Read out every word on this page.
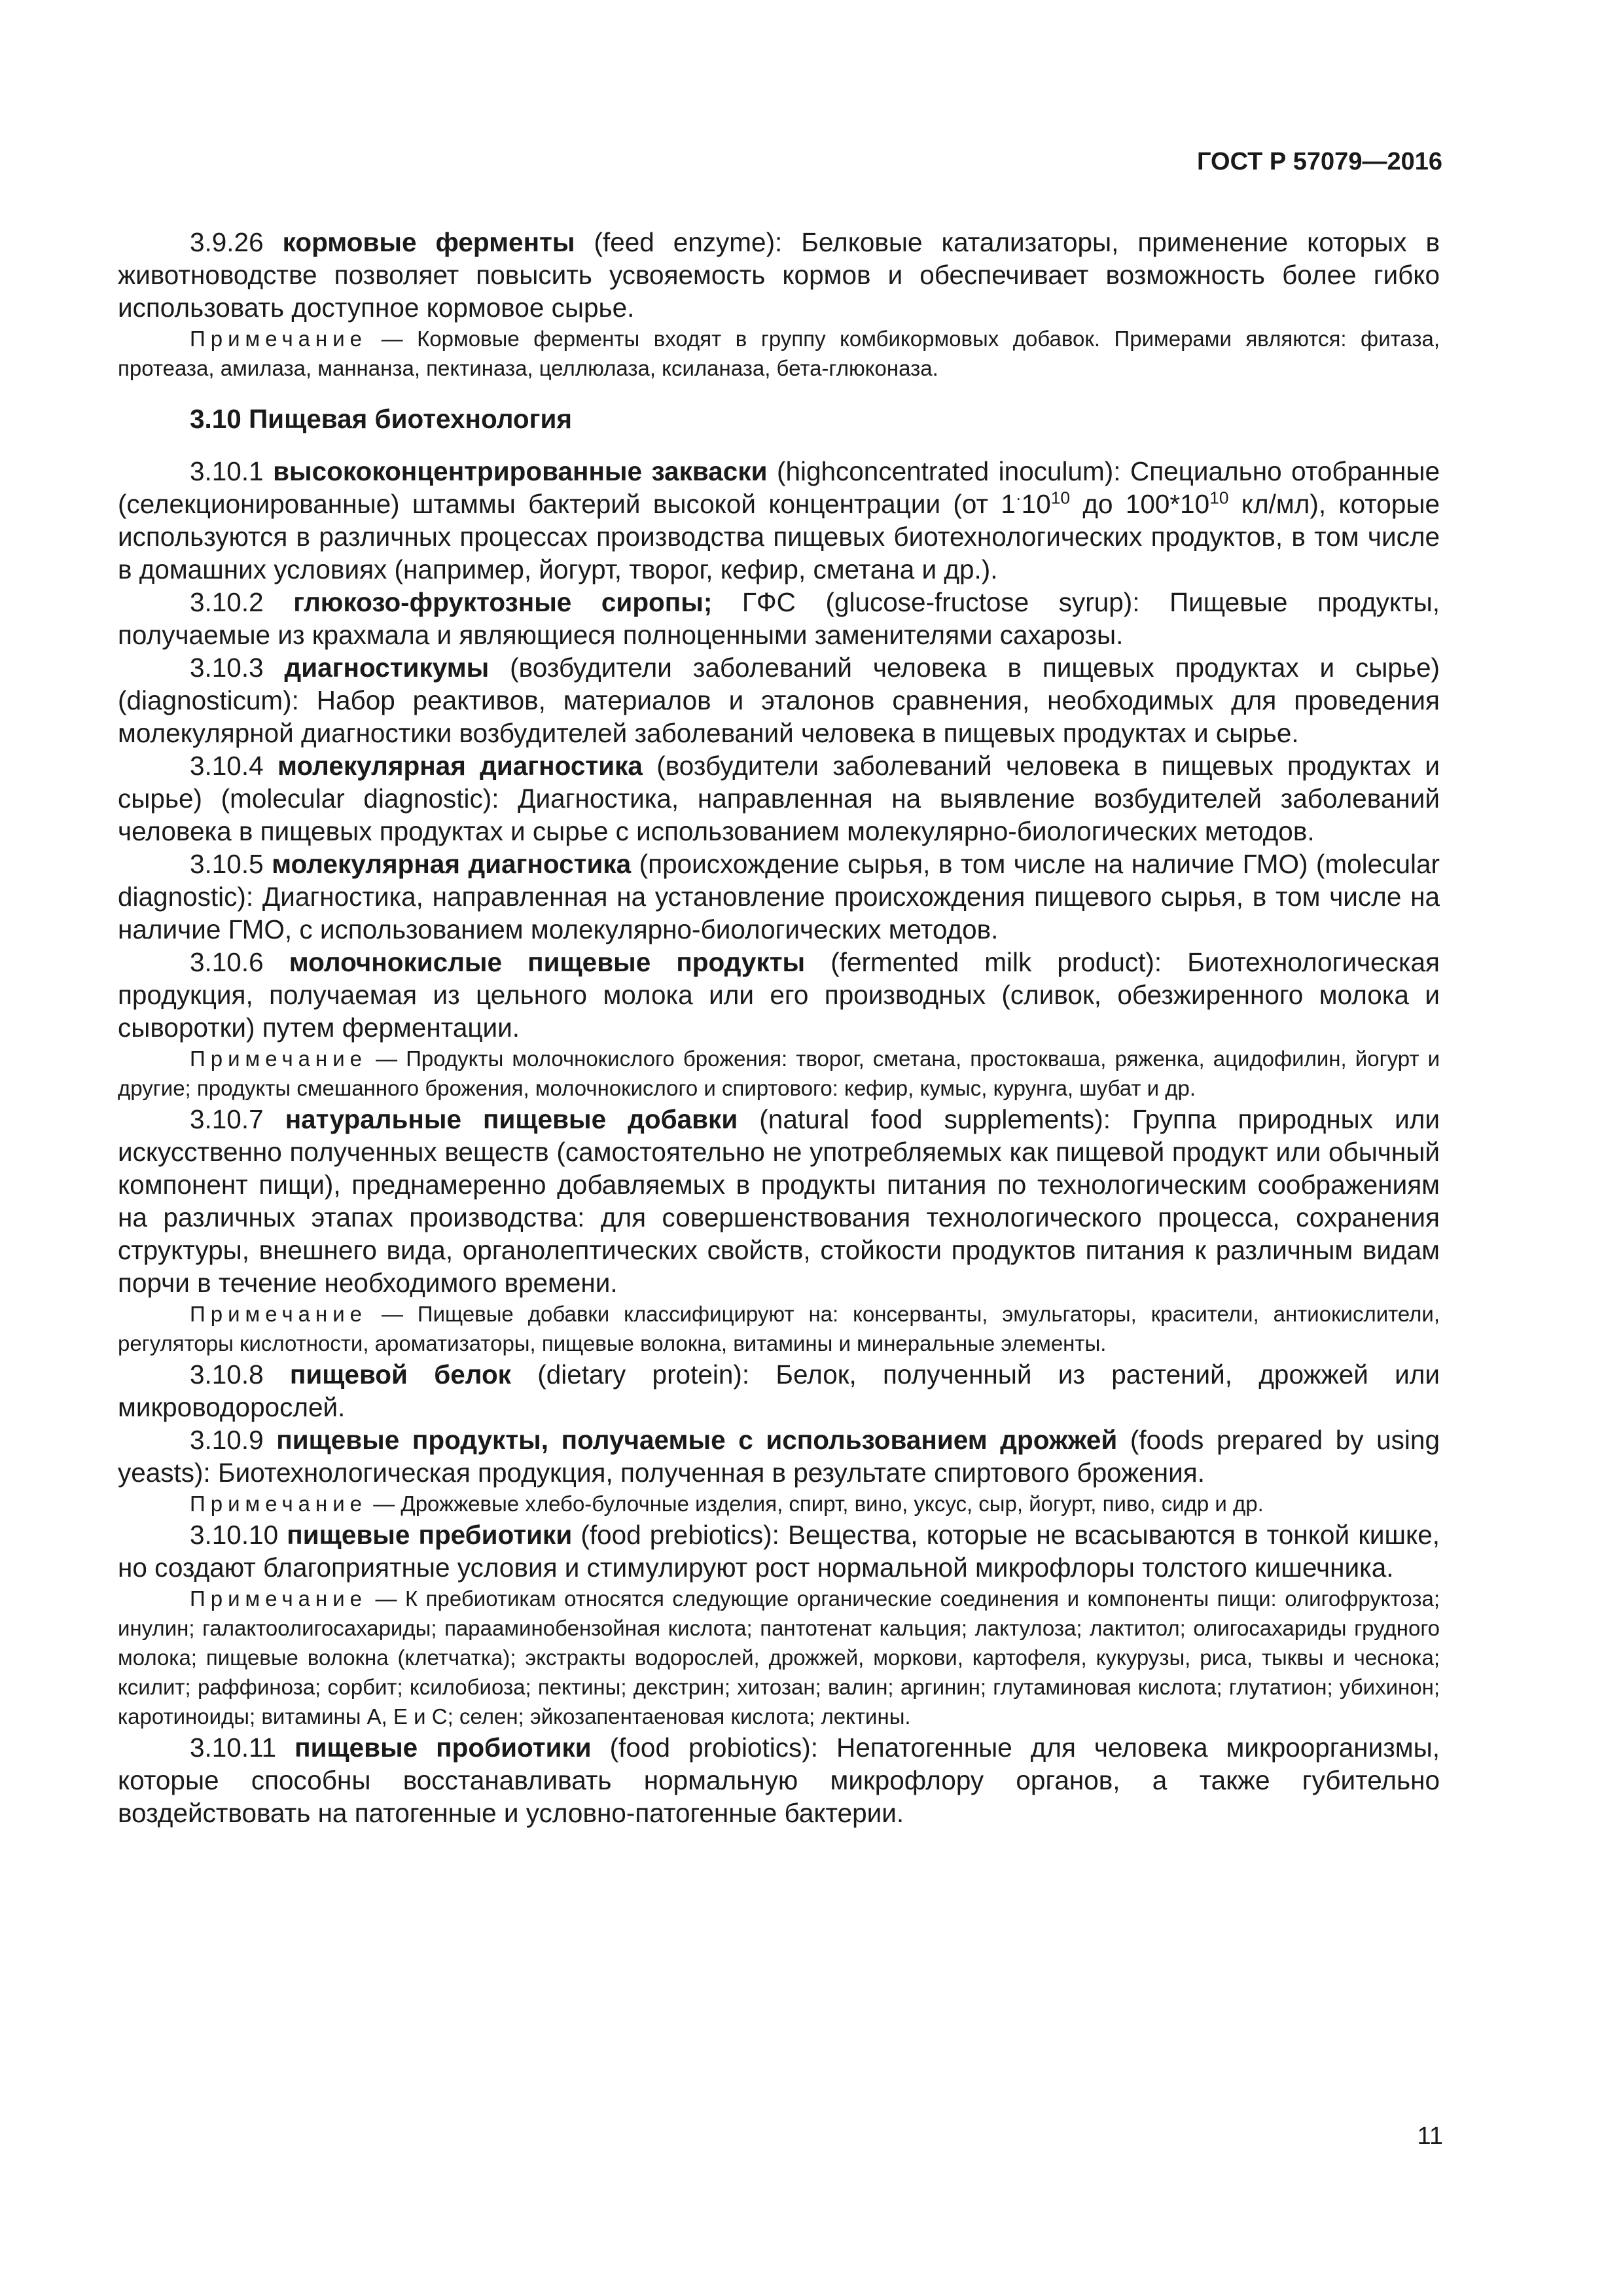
ГОСТ Р 57079—2016

3.9.26 кормовые ферменты (feed enzyme): Белковые катализаторы, применение которых в животноводстве позволяет повысить усвояемость кормов и обеспечивает возможность более гибко использовать доступное кормовое сырье.

Примечание — Кормовые ферменты входят в группу комбикормовых добавок. Примерами являются: фитаза, протеаза, амилаза, маннанза, пектиназа, целлюлаза, ксиланаза, бета-глюконаза.

3.10 Пищевая биотехнология

3.10.1 высококонцентрированные закваски (highconcentrated inoculum): Специально отобранные (селекционированные) штаммы бактерий высокой концентрации (от $1^\cdot 10^{10}$ до $100*10^{10}$ кл/мл), которые используются в различных процессах производства пищевых биотехнологических продуктов, в том числе в домашних условиях (например, йогурт, творог, кефир, сметана и др.).

3.10.2 глюкозо-фруктозные сиропы; ГФС (glucose-fructose syrup): Пищевые продукты, получаемые из крахмала и являющиеся полноценными заменителями сахарозы.

3.10.3 диагностикумы (возбудители заболеваний человека в пищевых продуктах и сырье) (diagnosticum): Набор реактивов, материалов и эталонов сравнения, необходимых для проведения молекулярной диагностики возбудителей заболеваний человека в пищевых продуктах и сырье.

3.10.4 молекулярная диагностика (возбудители заболеваний человека в пищевых продуктах и сырье) (molecular diagnostic): Диагностика, направленная на выявление возбудителей заболеваний человека в пищевых продуктах и сырье с использованием молекулярно-биологических методов.

3.10.5 молекулярная диагностика (происхождение сырья, в том числе на наличие ГМО) (molecular diagnostic): Диагностика, направленная на установление происхождения пищевого сырья, в том числе на наличие ГМО, с использованием молекулярно-биологических методов.

3.10.6 молочнокислые пищевые продукты (fermented milk product): Биотехнологическая продукция, получаемая из цельного молока или его производных (сливок, обезжиренного молока и сыворотки) путем ферментации.

Примечание — Продукты молочнокислого брожения: творог, сметана, простокваша, ряженка, ацидофилин, йогурт и другие; продукты смешанного брожения, молочнокислого и спиртового: кефир, кумыс, курунга, шубат и др.

3.10.7 натуральные пищевые добавки (natural food supplements): Группа природных или искусственно полученных веществ (самостоятельно не употребляемых как пищевой продукт или обычный компонент пищи), преднамеренно добавляемых в продукты питания по технологическим соображениям на различных этапах производства: для совершенствования технологического процесса, сохранения структуры, внешнего вида, органолептических свойств, стойкости продуктов питания к различным видам порчи в течение необходимого времени.

Примечание — Пищевые добавки классифицируют на: консерванты, эмульгаторы, красители, антиокислители, регуляторы кислотности, ароматизаторы, пищевые волокна, витамины и минеральные элементы.

3.10.8 пищевой белок (dietary protein): Белок, полученный из растений, дрожжей или микроводорослей.

3.10.9 пищевые продукты, получаемые с использованием дрожжей (foods prepared by using yeasts): Биотехнологическая продукция, полученная в результате спиртового брожения.

Примечание — Дрожжевые хлебо-булочные изделия, спирт, вино, уксус, сыр, йогурт, пиво, сидр и др.

3.10.10 пищевые пребиотики (food prebiotics): Вещества, которые не всасываются в тонкой кишке, но создают благоприятные условия и стимулируют рост нормальной микрофлоры толстого кишечника.

Примечание — К пребиотикам относятся следующие органические соединения и компоненты пищи: олигофруктоза; инулин; галактоолигосахариды; парааминобензойная кислота; пантотенат кальция; лактулоза; лактитол; олигосахариды грудного молока; пищевые волокна (клетчатка); экстракты водорослей, дрожжей, моркови, картофеля, кукурузы, риса, тыквы и чеснока; ксилит; раффиноза; сорбит; ксилобиоза; пектины; декстрин; хитозан; валин; аргинин; глутаминовая кислота; глутатион; убихинон; каротиноиды; витамины А, Е и С; селен; эйкозапентаеновая кислота; лектины.

3.10.11 пищевые пробиотики (food probiotics): Непатогенные для человека микроорганизмы, которые способны восстанавливать нормальную микрофлору органов, а также губительно воздействовать на патогенные и условно-патогенные бактерии.

11
